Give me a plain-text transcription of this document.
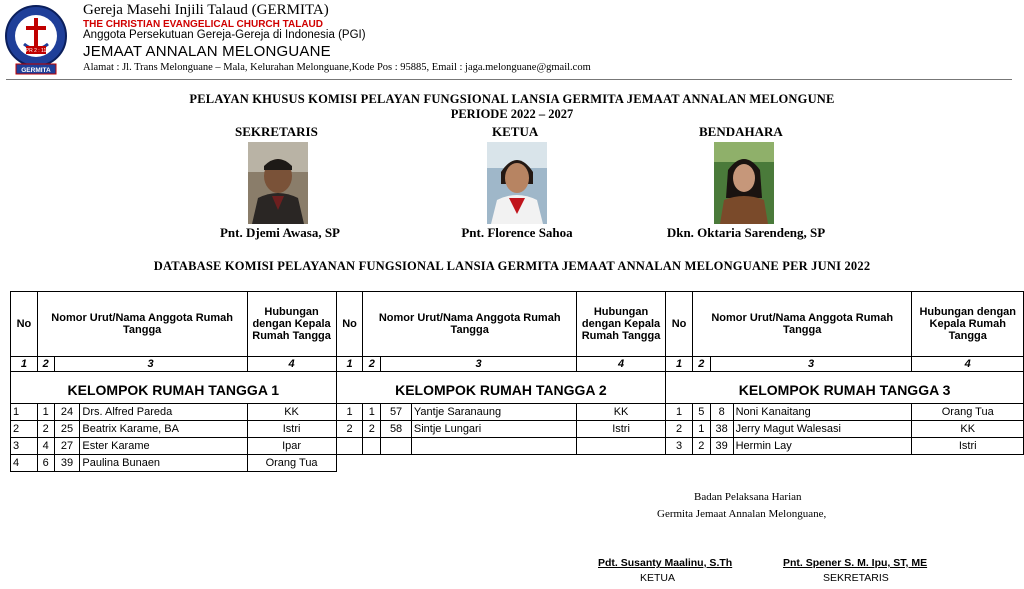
PR 2 : 11
GERMITA
Gereja Masehi Injili Talaud (GERMITA)
THE CHRISTIAN EVANGELICAL CHURCH TALAUD
Anggota Persekutuan Gereja-Gereja di Indonesia (PGI)
JEMAAT ANNALAN MELONGUANE
Alamat : Jl. Trans Melonguane – Mala, Kelurahan Melonguane,Kode Pos : 95885, Email : jaga.melonguane@gmail.com
PELAYAN KHUSUS KOMISI PELAYAN FUNGSIONAL LANSIA GERMITA JEMAAT ANNALAN MELONGUNE
PERIODE 2022 – 2027
SEKRETARIS	KETUA	BENDAHARA
Pnt. Djemi Awasa, SP	Pnt. Florence Sahoa	Dkn. Oktaria Sarendeng, SP
DATABASE KOMISI PELAYANAN FUNGSIONAL LANSIA GERMITA JEMAAT ANNALAN MELONGUANE PER JUNI 2022
No	Nomor Urut/Nama Anggota Rumah Tangga			Hubungan dengan Kepala Rumah Tangga	No	Nomor Urut/Nama Anggota Rumah Tangga			Hubungan dengan Kepala Rumah Tangga	No	Nomor Urut/Nama Anggota Rumah Tangga			Hubungan dengan Kepala Rumah Tangga
1	2	3		4	1	2	3		4	1	2	3		4

KELOMPOK RUMAH TANGGA 1					KELOMPOK RUMAH TANGGA 2					KELOMPOK RUMAH TANGGA 3				
1	1	24	Drs. Alfred Pareda	KK	1	1	57	Yantje Saranaung	KK	1	5	8	Noni Kanaitang	Orang Tua
2	2	25	Beatrix Karame, BA	Istri	2	2	58	Sintje Lungari	Istri	2	1	38	Jerry Magut Walesasi	KK
3	4	27	Ester Karame	Ipar						3	2	39	Hermin Lay	Istri
4	6	39	Paulina Bunaen	Orang Tua										
Badan Pelaksana Harian
Germita Jemaat Annalan Melonguane,
Pdt. Susanty Maalinu, S.Th
KETUA
Pnt. Spener S. M. Ipu, ST, ME
SEKRETARIS
